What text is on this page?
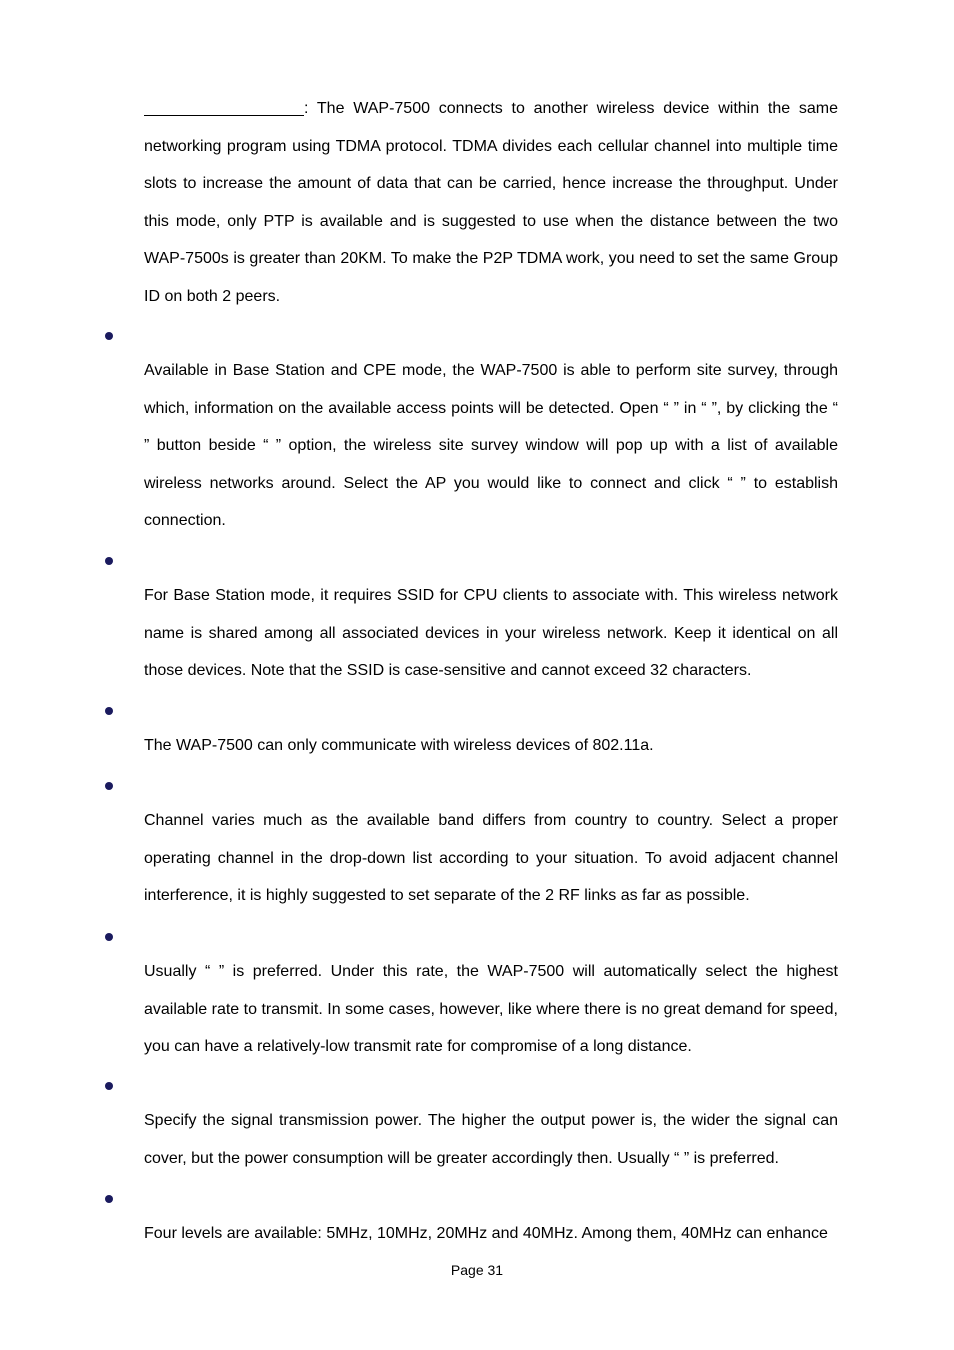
: The WAP-7500 connects to another wireless device within the same networking program using TDMA protocol. TDMA divides each cellular channel into multiple time slots to increase the amount of data that can be carried, hence increase the throughput. Under this mode, only PTP is available and is suggested to use when the distance between the two WAP-7500s is greater than 20KM. To make the P2P TDMA work, you need to set the same Group ID on both 2 peers.

Available in Base Station and CPE mode, the WAP-7500 is able to perform site survey, through which, information on the available access points will be detected. Open “ ” in “ ”, by clicking the “ ” button beside “ ” option, the wireless site survey window will pop up with a list of available wireless networks around. Select the AP you would like to connect and click “ ” to establish connection.

For Base Station mode, it requires SSID for CPU clients to associate with. This wireless network name is shared among all associated devices in your wireless network. Keep it identical on all those devices. Note that the SSID is case-sensitive and cannot exceed 32 characters.

The WAP-7500 can only communicate with wireless devices of 802.11a.

Channel varies much as the available band differs from country to country. Select a proper operating channel in the drop-down list according to your situation. To avoid adjacent channel interference, it is highly suggested to set separate of the 2 RF links as far as possible.

Usually “ ” is preferred. Under this rate, the WAP-7500 will automatically select the highest available rate to transmit. In some cases, however, like where there is no great demand for speed, you can have a relatively-low transmit rate for compromise of a long distance.

Specify the signal transmission power. The higher the output power is, the wider the signal can cover, but the power consumption will be greater accordingly then. Usually “ ” is preferred.

Four levels are available: 5MHz, 10MHz, 20MHz and 40MHz. Among them, 40MHz can enhance

Page 31
